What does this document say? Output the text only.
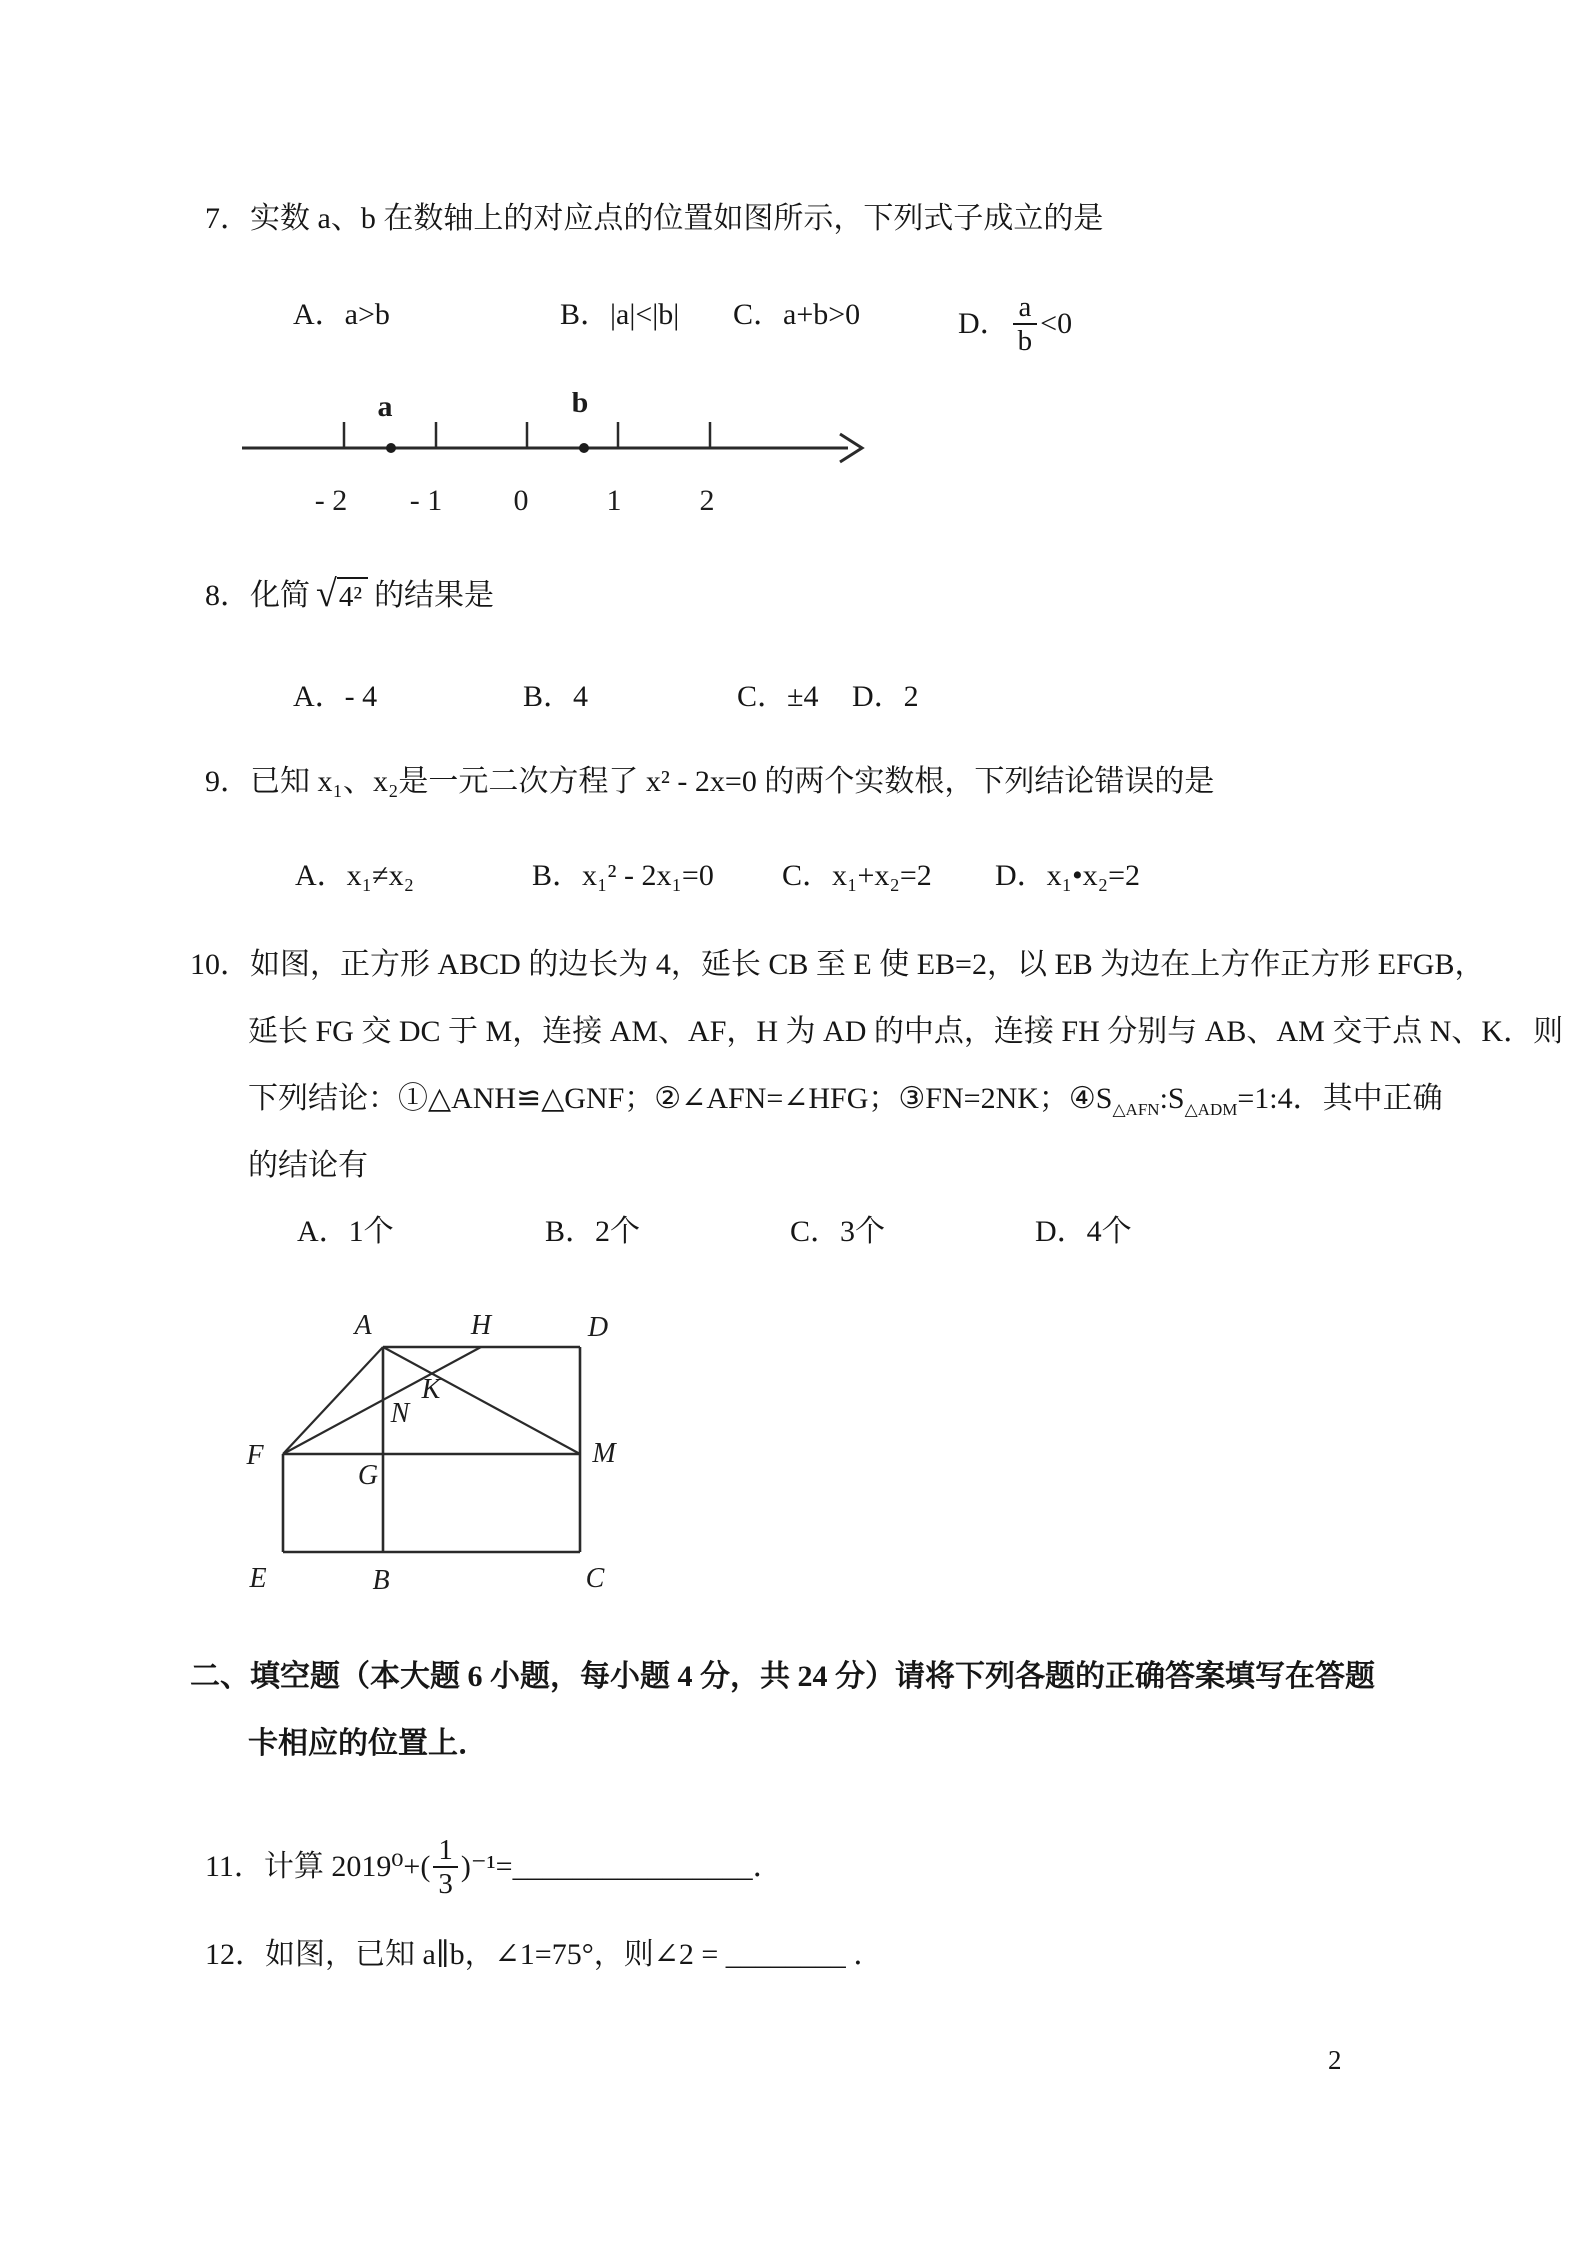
7．实数 a、b 在数轴上的对应点的位置如图所示，下列式子成立的是
A．a>b	B．|a|<|b| C．a+b>0	D． $\frac{a}{b} <0$
a	b
- 2 - 1 0	1	2
8．化简 √ 4² 的结果是
A．- 4	B．4	C．±4 D．2
9．已知 x₁、x₂是一元二次方程了 x² - 2x=0 的两个实数根，下列结论错误的是
A．x₁≠x₂	B．x₁² - 2x₁=0 C．x₁+x₂=2 D．x₁•x₂=2
10．如图，正方形 ABCD 的边长为 4，延长 CB 至 E 使 EB=2，以 EB 为边在上方作正方形 EFGB，
延长 FG 交 DC 于 M，连接 AM、AF，H 为 AD 的中点，连接 FH 分别与 AB、AM 交于点 N、K．则
下列结论：①△ANH≌△GNF；②∠AFN=∠HFG；③FN=2NK；$④S_{\triangle AFN}:S_{\triangle ADM}=1:4$．其中正确
的结论有
A．1个	B．2个	C．3个	D．4个
A	H	D
F
G
M
N
K
E	B	C
二、填空题（本大题 6 小题，每小题 4 分，共 24 分）请将下列各题的正确答案填写在答题
卡相应的位置上．
11．计算 $2019^0+( \frac{1}{3} )^{-1}=$ ________________ ．
12．如图，已知 a∥b，∠1=75°，则∠2 = ________ ．
2
